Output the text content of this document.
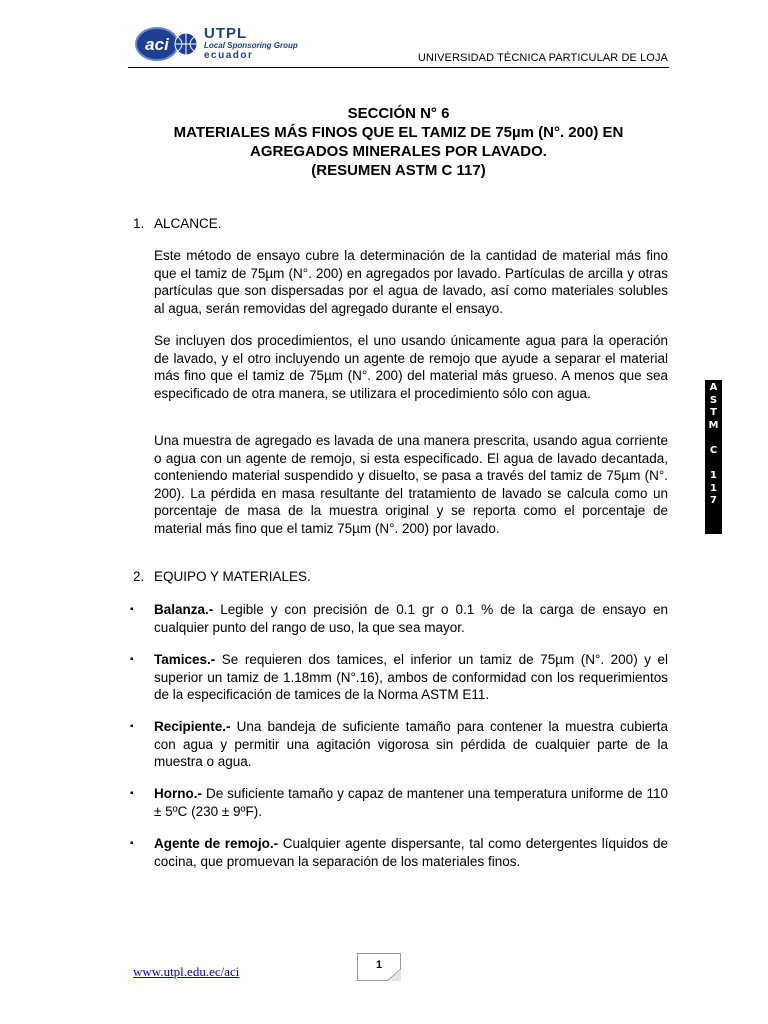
aci
UTPL
Local Sponsoring Group
ecuador	UNIVERSIDAD TÉCNICA PARTICULAR DE LOJA
SECCIÓN N° 6
MATERIALES MÁS FINOS QUE EL TAMIZ DE 75µm (N°. 200) EN
AGREGADOS MINERALES POR LAVADO.
(RESUMEN ASTM C 117)
1. ALCANCE.
Este método de ensayo cubre la determinación de la cantidad de material más fino que el tamiz de 75µm (N°. 200) en agregados por lavado. Partículas de arcilla y otras partículas que son dispersadas por el agua de lavado, así como materiales solubles al agua, serán removidas del agregado durante el ensayo.
Se incluyen dos procedimientos, el uno usando únicamente agua para la operación de lavado, y el otro incluyendo un agente de remojo que ayude a separar el material más fino que el tamiz de 75µm (N°. 200) del material más grueso. A menos que sea especificado de otra manera, se utilizara el procedimiento sólo con agua.
Una muestra de agregado es lavada de una manera prescrita, usando agua corriente o agua con un agente de remojo, si esta especificado. El agua de lavado decantada, conteniendo material suspendido y disuelto, se pasa a través del tamiz de 75µm (N°. 200). La pérdida en masa resultante del tratamiento de lavado se calcula como un porcentaje de masa de la muestra original y se reporta como el porcentaje de material más fino que el tamiz 75µm (N°. 200) por lavado.
2. EQUIPO Y MATERIALES.
▪	Balanza.- Legible y con precisión de 0.1 gr o 0.1 % de la carga de ensayo en cualquier punto del rango de uso, la que sea mayor.
▪	Tamices.- Se requieren dos tamices, el inferior un tamiz de 75µm (N°. 200) y el superior un tamiz de 1.18mm (N°.16), ambos de conformidad con los requerimientos de la especificación de tamices de la Norma ASTM E11.
▪	Recipiente.- Una bandeja de suficiente tamaño para contener la muestra cubierta con agua y permitir una agitación vigorosa sin pérdida de cualquier parte de la muestra o agua.
▪	Horno.- De suficiente tamaño y capaz de mantener una temperatura uniforme de 110 ± 5ºC (230 ± 9ºF).
▪	Agente de remojo.- Cualquier agente dispersante, tal como detergentes líquidos de cocina, que promuevan la separación de los materiales finos.
A
S
T
M
C
1
1
7
www.utpl.edu.ec/aci	1
